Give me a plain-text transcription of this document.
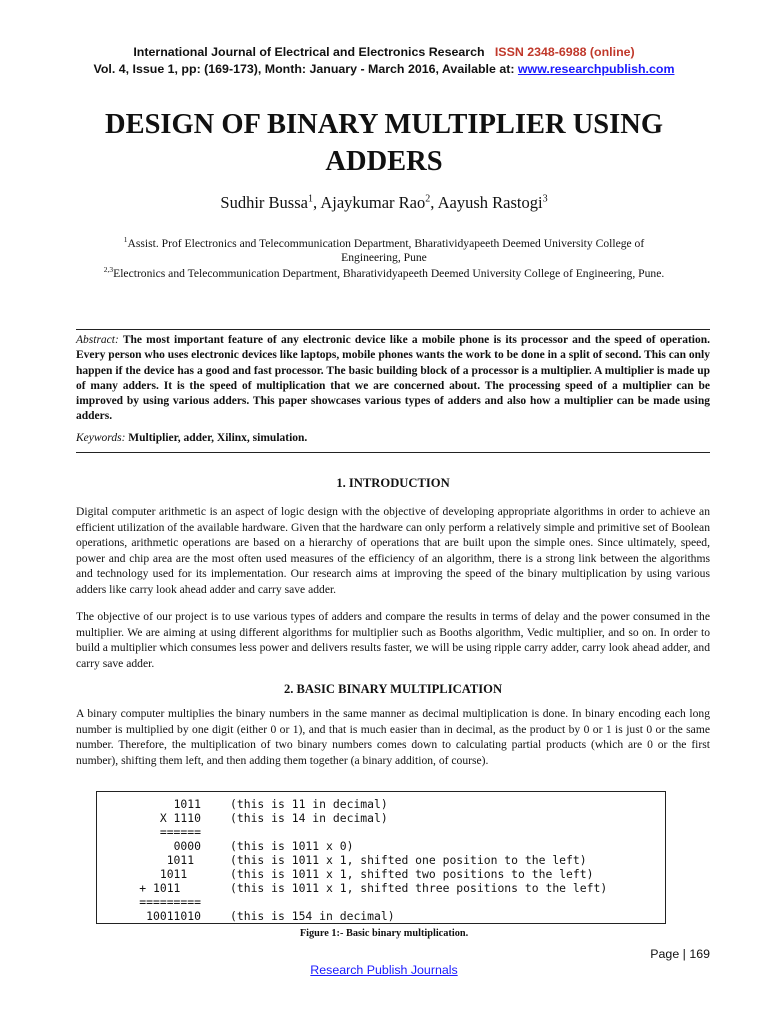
International Journal of Electrical and Electronics Research ISSN 2348-6988 (online)
Vol. 4, Issue 1, pp: (169-173), Month: January - March 2016, Available at: www.researchpublish.com
DESIGN OF BINARY MULTIPLIER USING
ADDERS
Sudhir Bussa$^1$, Ajaykumar Rao$^2$, Aayush Rastogi$^3$
$^1$Assist. Prof Electronics and Telecommunication Department, Bharatividyapeeth Deemed University College of
Engineering, Pune
$^{2,3}$Electronics and Telecommunication Department, Bharatividyapeeth Deemed University College of Engineering, Pune.
Abstract: The most important feature of any electronic device like a mobile phone is its processor and the speed of operation. Every person who uses electronic devices like laptops, mobile phones wants the work to be done in a split of second. This can only happen if the device has a good and fast processor. The basic building block of a processor is a multiplier. A multiplier is made up of many adders. It is the speed of multiplication that we are concerned about. The processing speed of a multiplier can be improved by using various adders. This paper showcases various types of adders and also how a multiplier can be made using adders.
Keywords: Multiplier, adder, Xilinx, simulation.
1. INTRODUCTION
Digital computer arithmetic is an aspect of logic design with the objective of developing appropriate algorithms in order to achieve an efficient utilization of the available hardware. Given that the hardware can only perform a relatively simple and primitive set of Boolean operations, arithmetic operations are based on a hierarchy of operations that are built upon the simple ones. Since ultimately, speed, power and chip area are the most often used measures of the efficiency of an algorithm, there is a strong link between the algorithms and technology used for its implementation. Our research aims at improving the speed of the binary multiplication by using various adders like carry look ahead adder and carry save adder.
The objective of our project is to use various types of adders and compare the results in terms of delay and the power consumed in the multiplier. We are aiming at using different algorithms for multiplier such as Booths algorithm, Vedic multiplier, and so on. In order to build a multiplier which consumes less power and delivers results faster, we will be using ripple carry adder, carry look ahead adder, and carry save adder.
2. BASIC BINARY MULTIPLICATION
A binary computer multiplies the binary numbers in the same manner as decimal multiplication is done. In binary encoding each long number is multiplied by one digit (either 0 or 1), and that is much easier than in decimal, as the product by 0 or 1 is just 0 or the same number. Therefore, the multiplication of two binary numbers comes down to calculating partial products (which are 0 or the first number), shifting them left, and then adding them together (a binary addition, of course).
1011	(this is 11 in decimal)
X 1110	(this is 14 in decimal)
======
0000	(this is 1011 x 0)
1011	(this is 1011 x 1, shifted one position to the left)
1011	(this is 1011 x 1, shifted two positions to the left)
+ 1011	(this is 1011 x 1, shifted three positions to the left)
=========
10011010	(this is 154 in decimal)
Figure 1:- Basic binary multiplication.
Page | 169
Research Publish Journals
